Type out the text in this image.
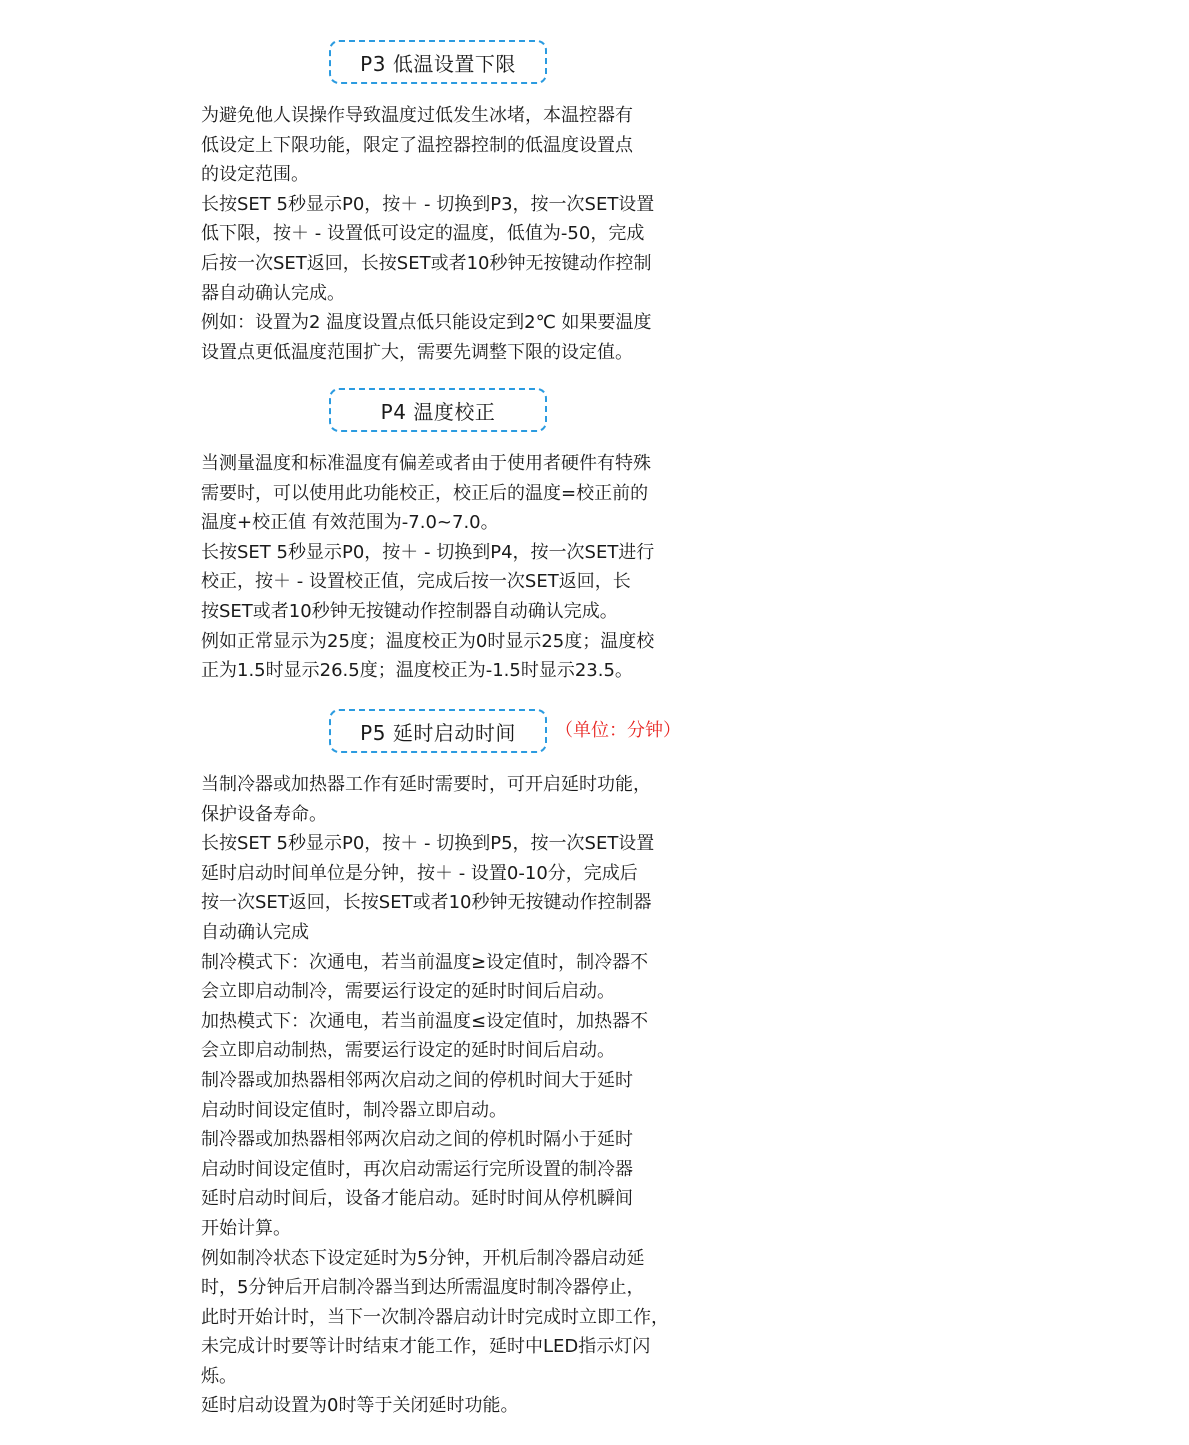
P3 低温设置下限
为避免他人误操作导致温度过低发生冰堵，本温控器有
低设定上下限功能，限定了温控器控制的低温度设置点
的设定范围。
长按SET 5秒显示P0，按＋ - 切换到P3，按一次SET设置
低下限，按＋ - 设置低可设定的温度，低值为-50，完成
后按一次SET返回，长按SET或者10秒钟无按键动作控制
器自动确认完成。
例如：设置为2 温度设置点低只能设定到2℃ 如果要温度
设置点更低温度范围扩大，需要先调整下限的设定值。
P4 温度校正
当测量温度和标准温度有偏差或者由于使用者硬件有特殊
需要时，可以使用此功能校正，校正后的温度=校正前的
温度+校正值 有效范围为-7.0~7.0。
长按SET 5秒显示P0，按＋ - 切换到P4，按一次SET进行
校正，按＋ - 设置校正值，完成后按一次SET返回，长
按SET或者10秒钟无按键动作控制器自动确认完成。
例如正常显示为25度；温度校正为0时显示25度；温度校
正为1.5时显示26.5度；温度校正为-1.5时显示23.5。
P5 延时启动时间 （单位：分钟）
当制冷器或加热器工作有延时需要时，可开启延时功能，
保护设备寿命。
长按SET 5秒显示P0，按＋ - 切换到P5，按一次SET设置
延时启动时间单位是分钟，按＋ - 设置0-10分，完成后
按一次SET返回，长按SET或者10秒钟无按键动作控制器
自动确认完成
制冷模式下：次通电，若当前温度≥设定值时，制冷器不
会立即启动制冷，需要运行设定的延时时间后启动。
加热模式下：次通电，若当前温度≤设定值时，加热器不
会立即启动制热，需要运行设定的延时时间后启动。
制冷器或加热器相邻两次启动之间的停机时间大于延时
启动时间设定值时，制冷器立即启动。
制冷器或加热器相邻两次启动之间的停机时隔小于延时
启动时间设定值时，再次启动需运行完所设置的制冷器
延时启动时间后，设备才能启动。延时时间从停机瞬间
开始计算。
例如制冷状态下设定延时为5分钟，开机后制冷器启动延
时，5分钟后开启制冷器当到达所需温度时制冷器停止，
此时开始计时，当下一次制冷器启动计时完成时立即工作，
未完成计时要等计时结束才能工作，延时中LED指示灯闪
烁。
延时启动设置为0时等于关闭延时功能。
